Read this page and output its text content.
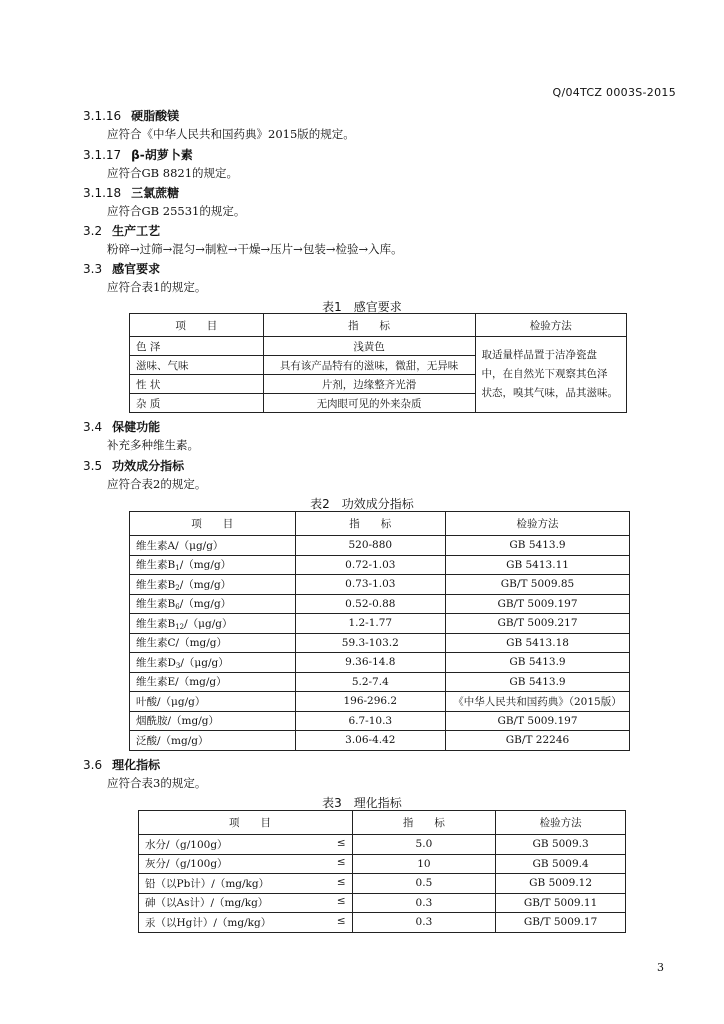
Q/04TCZ 0003S-2015
3.1.16 硬脂酸镁
应符合《中华人民共和国药典》2015版的规定。
3.1.17 β-胡萝卜素
应符合GB 8821的规定。
3.1.18 三氯蔗糖
应符合GB 25531的规定。
3.2 生产工艺
粉碎→过筛→混匀→制粒→干燥→压片→包装→检验→入库。
3.3 感官要求
应符合表1的规定。
表1　感官要求
项　　目	指　　标	检验方法
色 泽	浅黄色	取适量样品置于洁净瓷盘
中，在自然光下观察其色泽
状态，嗅其气味，品其滋味。

滋味、气味	具有该产品特有的滋味，微甜，无异味	
性 状	片剂，边缘整齐光滑	
杂 质	无肉眼可见的外来杂质	
3.4 保健功能
补充多种维生素。
3.5 功效成分指标
应符合表2的规定。
表2　功效成分指标
项　　目	指　　标	检验方法
维生素A/（μg/g）	520-880	GB 5413.9
维生素$B_1/(mg/g)$	0.72-1.03	GB 5413.11
维生素$B_2/(mg/g)$	0.73-1.03	GB/T 5009.85
维生素$B_6/(mg/g)$	0.52-0.88	GB/T 5009.197
维生素$B_{12}/(\mu g/g)$	1.2-1.77	GB/T 5009.217
维生素C/（mg/g）	59.3-103.2	GB 5413.18
维生素$D_3/(\mu g/g)$	9.36-14.8	GB 5413.9
维生素E/（mg/g）	5.2-7.4	GB 5413.9
叶酸/（μg/g）	196-296.2	《中华人民共和国药典》（2015版）
烟酰胺/（mg/g）	6.7-10.3	GB/T 5009.197
泛酸/（mg/g）	3.06-4.42	GB/T 22246
3.6 理化指标
应符合表3的规定。
表3　理化指标
项　　目	指　　标	检验方法
水分/（g/100g） ≤	5.0	GB 5009.3
灰分/（g/100g） ≤	10	GB 5009.4
铅（以Pb计）/（mg/kg） ≤	0.5	GB 5009.12
砷（以As计）/（mg/kg） ≤	0.3	GB/T 5009.11
汞（以Hg计）/（mg/kg） ≤	0.3	GB/T 5009.17
3
